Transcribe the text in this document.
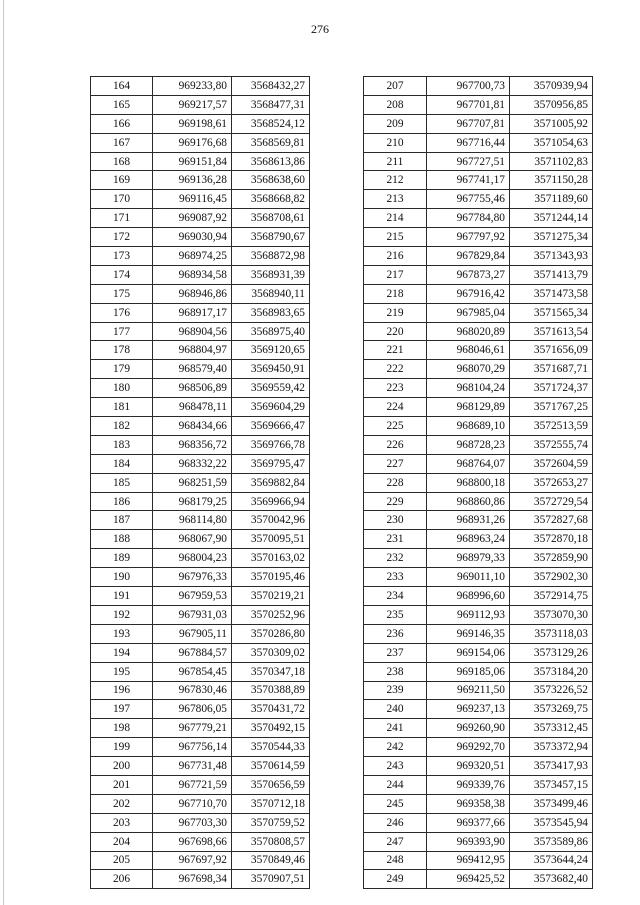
276
164	969233,80	3568432,27
165	969217,57	3568477,31
166	969198,61	3568524,12
167	969176,68	3568569,81
168	969151,84	3568613,86
169	969136,28	3568638,60
170	969116,45	3568668,82
171	969087,92	3568708,61
172	969030,94	3568790,67
173	968974,25	3568872,98
174	968934,58	3568931,39
175	968946,86	3568940,11
176	968917,17	3568983,65
177	968904,56	3568975,40
178	968804,97	3569120,65
179	968579,40	3569450,91
180	968506,89	3569559,42
181	968478,11	3569604,29
182	968434,66	3569666,47
183	968356,72	3569766,78
184	968332,22	3569795,47
185	968251,59	3569882,84
186	968179,25	3569966,94
187	968114,80	3570042,96
188	968067,90	3570095,51
189	968004,23	3570163,02
190	967976,33	3570195,46
191	967959,53	3570219,21
192	967931,03	3570252,96
193	967905,11	3570286,80
194	967884,57	3570309,02
195	967854,45	3570347,18
196	967830,46	3570388,89
197	967806,05	3570431,72
198	967779,21	3570492,15
199	967756,14	3570544,33
200	967731,48	3570614,59
201	967721,59	3570656,59
202	967710,70	3570712,18
203	967703,30	3570759,52
204	967698,66	3570808,57
205	967697,92	3570849,46
206	967698,34	3570907,51
207	967700,73	3570939,94
208	967701,81	3570956,85
209	967707,81	3571005,92
210	967716,44	3571054,63
211	967727,51	3571102,83
212	967741,17	3571150,28
213	967755,46	3571189,60
214	967784,80	3571244,14
215	967797,92	3571275,34
216	967829,84	3571343,93
217	967873,27	3571413,79
218	967916,42	3571473,58
219	967985,04	3571565,34
220	968020,89	3571613,54
221	968046,61	3571656,09
222	968070,29	3571687,71
223	968104,24	3571724,37
224	968129,89	3571767,25
225	968689,10	3572513,59
226	968728,23	3572555,74
227	968764,07	3572604,59
228	968800,18	3572653,27
229	968860,86	3572729,54
230	968931,26	3572827,68
231	968963,24	3572870,18
232	968979,33	3572859,90
233	969011,10	3572902,30
234	968996,60	3572914,75
235	969112,93	3573070,30
236	969146,35	3573118,03
237	969154,06	3573129,26
238	969185,06	3573184,20
239	969211,50	3573226,52
240	969237,13	3573269,75
241	969260,90	3573312,45
242	969292,70	3573372,94
243	969320,51	3573417,93
244	969339,76	3573457,15
245	969358,38	3573499,46
246	969377,66	3573545,94
247	969393,90	3573589,86
248	969412,95	3573644,24
249	969425,52	3573682,40
